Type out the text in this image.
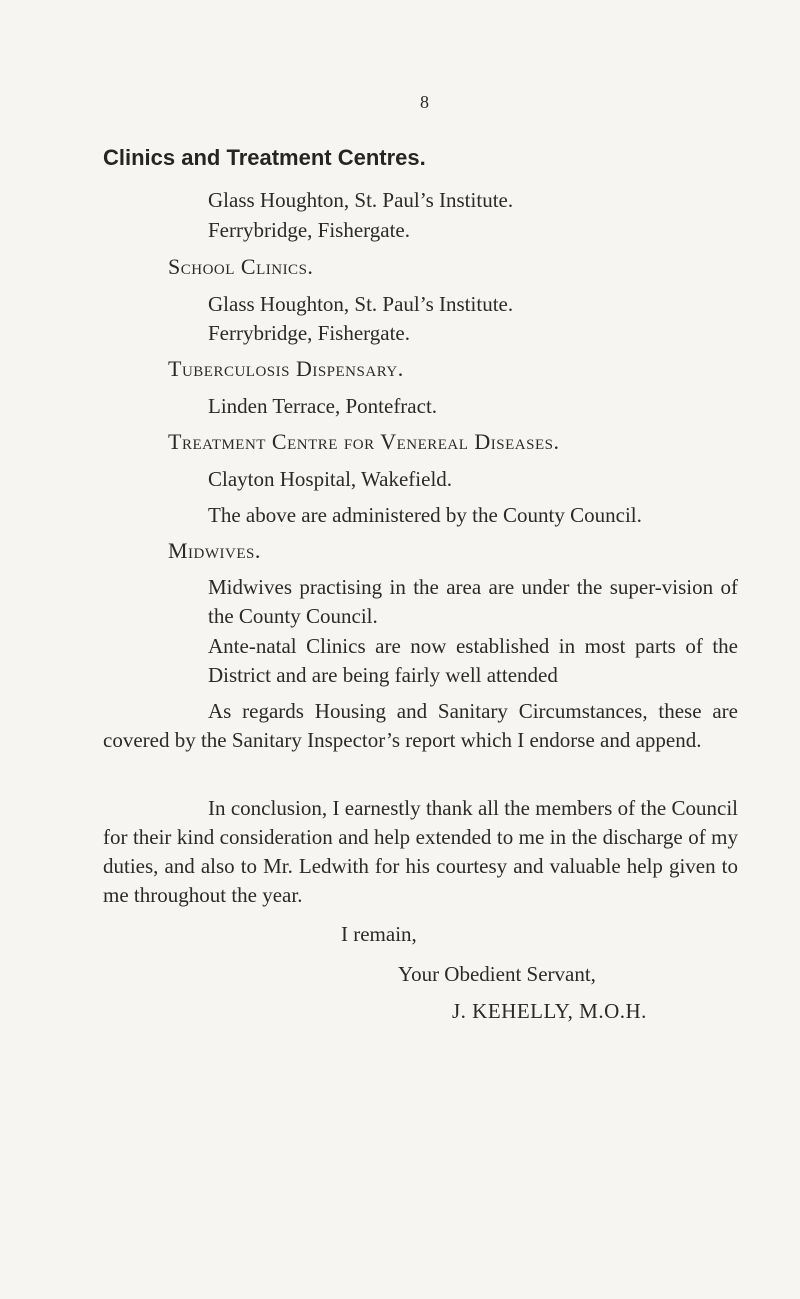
8
Clinics and Treatment Centres.

Glass Houghton, St. Paul’s Institute.

Ferrybridge, Fishergate.

School Clinics.

Glass Houghton, St. Paul’s Institute.

Ferrybridge, Fishergate.

Tuberculosis Dispensary.

Linden Terrace, Pontefract.

Treatment Centre for Venereal Diseases.

Clayton Hospital, Wakefield.

The above are administered by the County Council.

Midwives.

Midwives practising in the area are under the super-vision of the County Council.

Ante-natal Clinics are now established in most parts of the District and are being fairly well attended

As regards Housing and Sanitary Circumstances, these are covered by the Sanitary Inspector’s report which I endorse and append.

In conclusion, I earnestly thank all the members of the Council for their kind consideration and help extended to me in the discharge of my duties, and also to Mr. Ledwith for his courtesy and valuable help given to me throughout the year.

I remain,

Your Obedient Servant,

J. KEHELLY, M.O.H.
